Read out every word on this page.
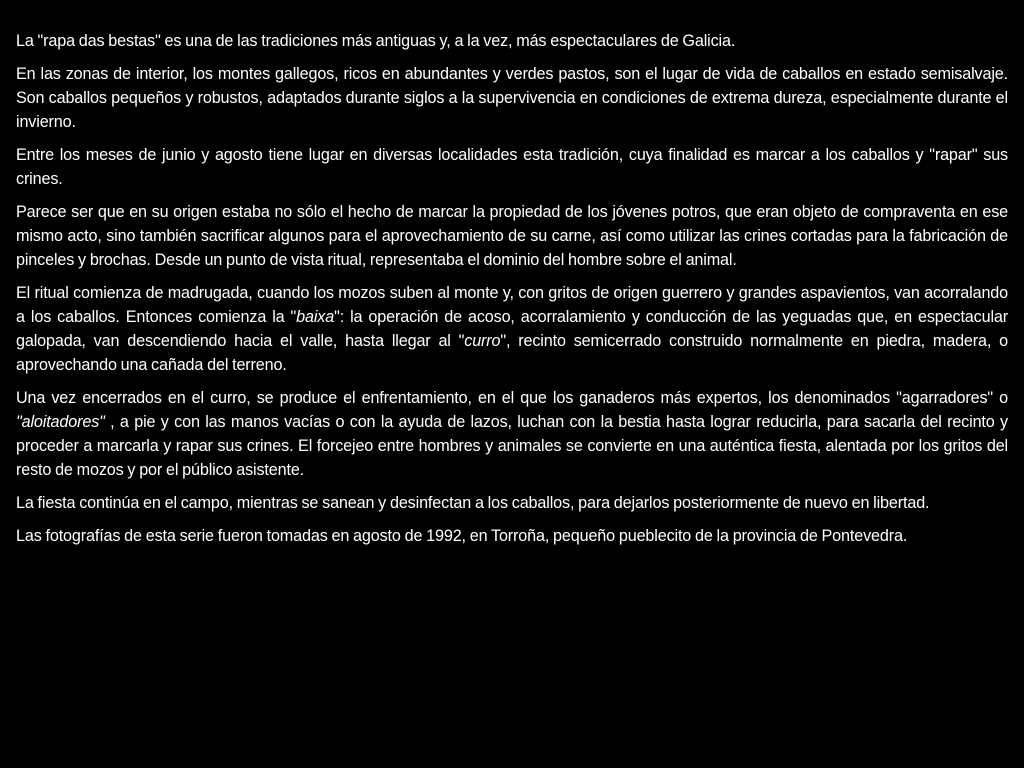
La "rapa das bestas" es una de las tradiciones más antiguas y, a la vez, más espectaculares de Galicia.

En las zonas de interior, los montes gallegos, ricos en abundantes y verdes pastos, son el lugar de vida de caballos en estado semisalvaje. Son caballos pequeños y robustos, adaptados durante siglos a la supervivencia en condiciones de extrema dureza, especialmente durante el invierno.

Entre los meses de junio y agosto tiene lugar en diversas localidades esta tradición, cuya finalidad es marcar a los caballos y "rapar" sus crines.

Parece ser que en su origen estaba no sólo el hecho de marcar la propiedad de los jóvenes potros, que eran objeto de compraventa en ese mismo acto, sino también sacrificar algunos para el aprovechamiento de su carne, así como utilizar las crines cortadas para la fabricación de pinceles y brochas. Desde un punto de vista ritual, representaba el dominio del hombre sobre el animal.

El ritual comienza de madrugada, cuando los mozos suben al monte y, con gritos de origen guerrero y grandes aspavientos, van acorralando a los caballos. Entonces comienza la "baixa": la operación de acoso, acorralamiento y conducción de las yeguadas que, en espectacular galopada, van descendiendo hacia el valle, hasta llegar al "curro", recinto semicerrado construido normalmente en piedra, madera, o aprovechando una cañada del terreno.

Una vez encerrados en el curro, se produce el enfrentamiento, en el que los ganaderos más expertos, los denominados "agarradores" o "aloitadores" , a pie y con las manos vacías o con la ayuda de lazos, luchan con la bestia hasta lograr reducirla, para sacarla del recinto y proceder a marcarla y rapar sus crines. El forcejeo entre hombres y animales se convierte en una auténtica fiesta, alentada por los gritos del resto de mozos y por el público asistente.

La fiesta continúa en el campo, mientras se sanean y desinfectan a los caballos, para dejarlos posteriormente de nuevo en libertad.

Las fotografías de esta serie fueron tomadas en agosto de 1992, en Torroña, pequeño pueblecito de la provincia de Pontevedra.
